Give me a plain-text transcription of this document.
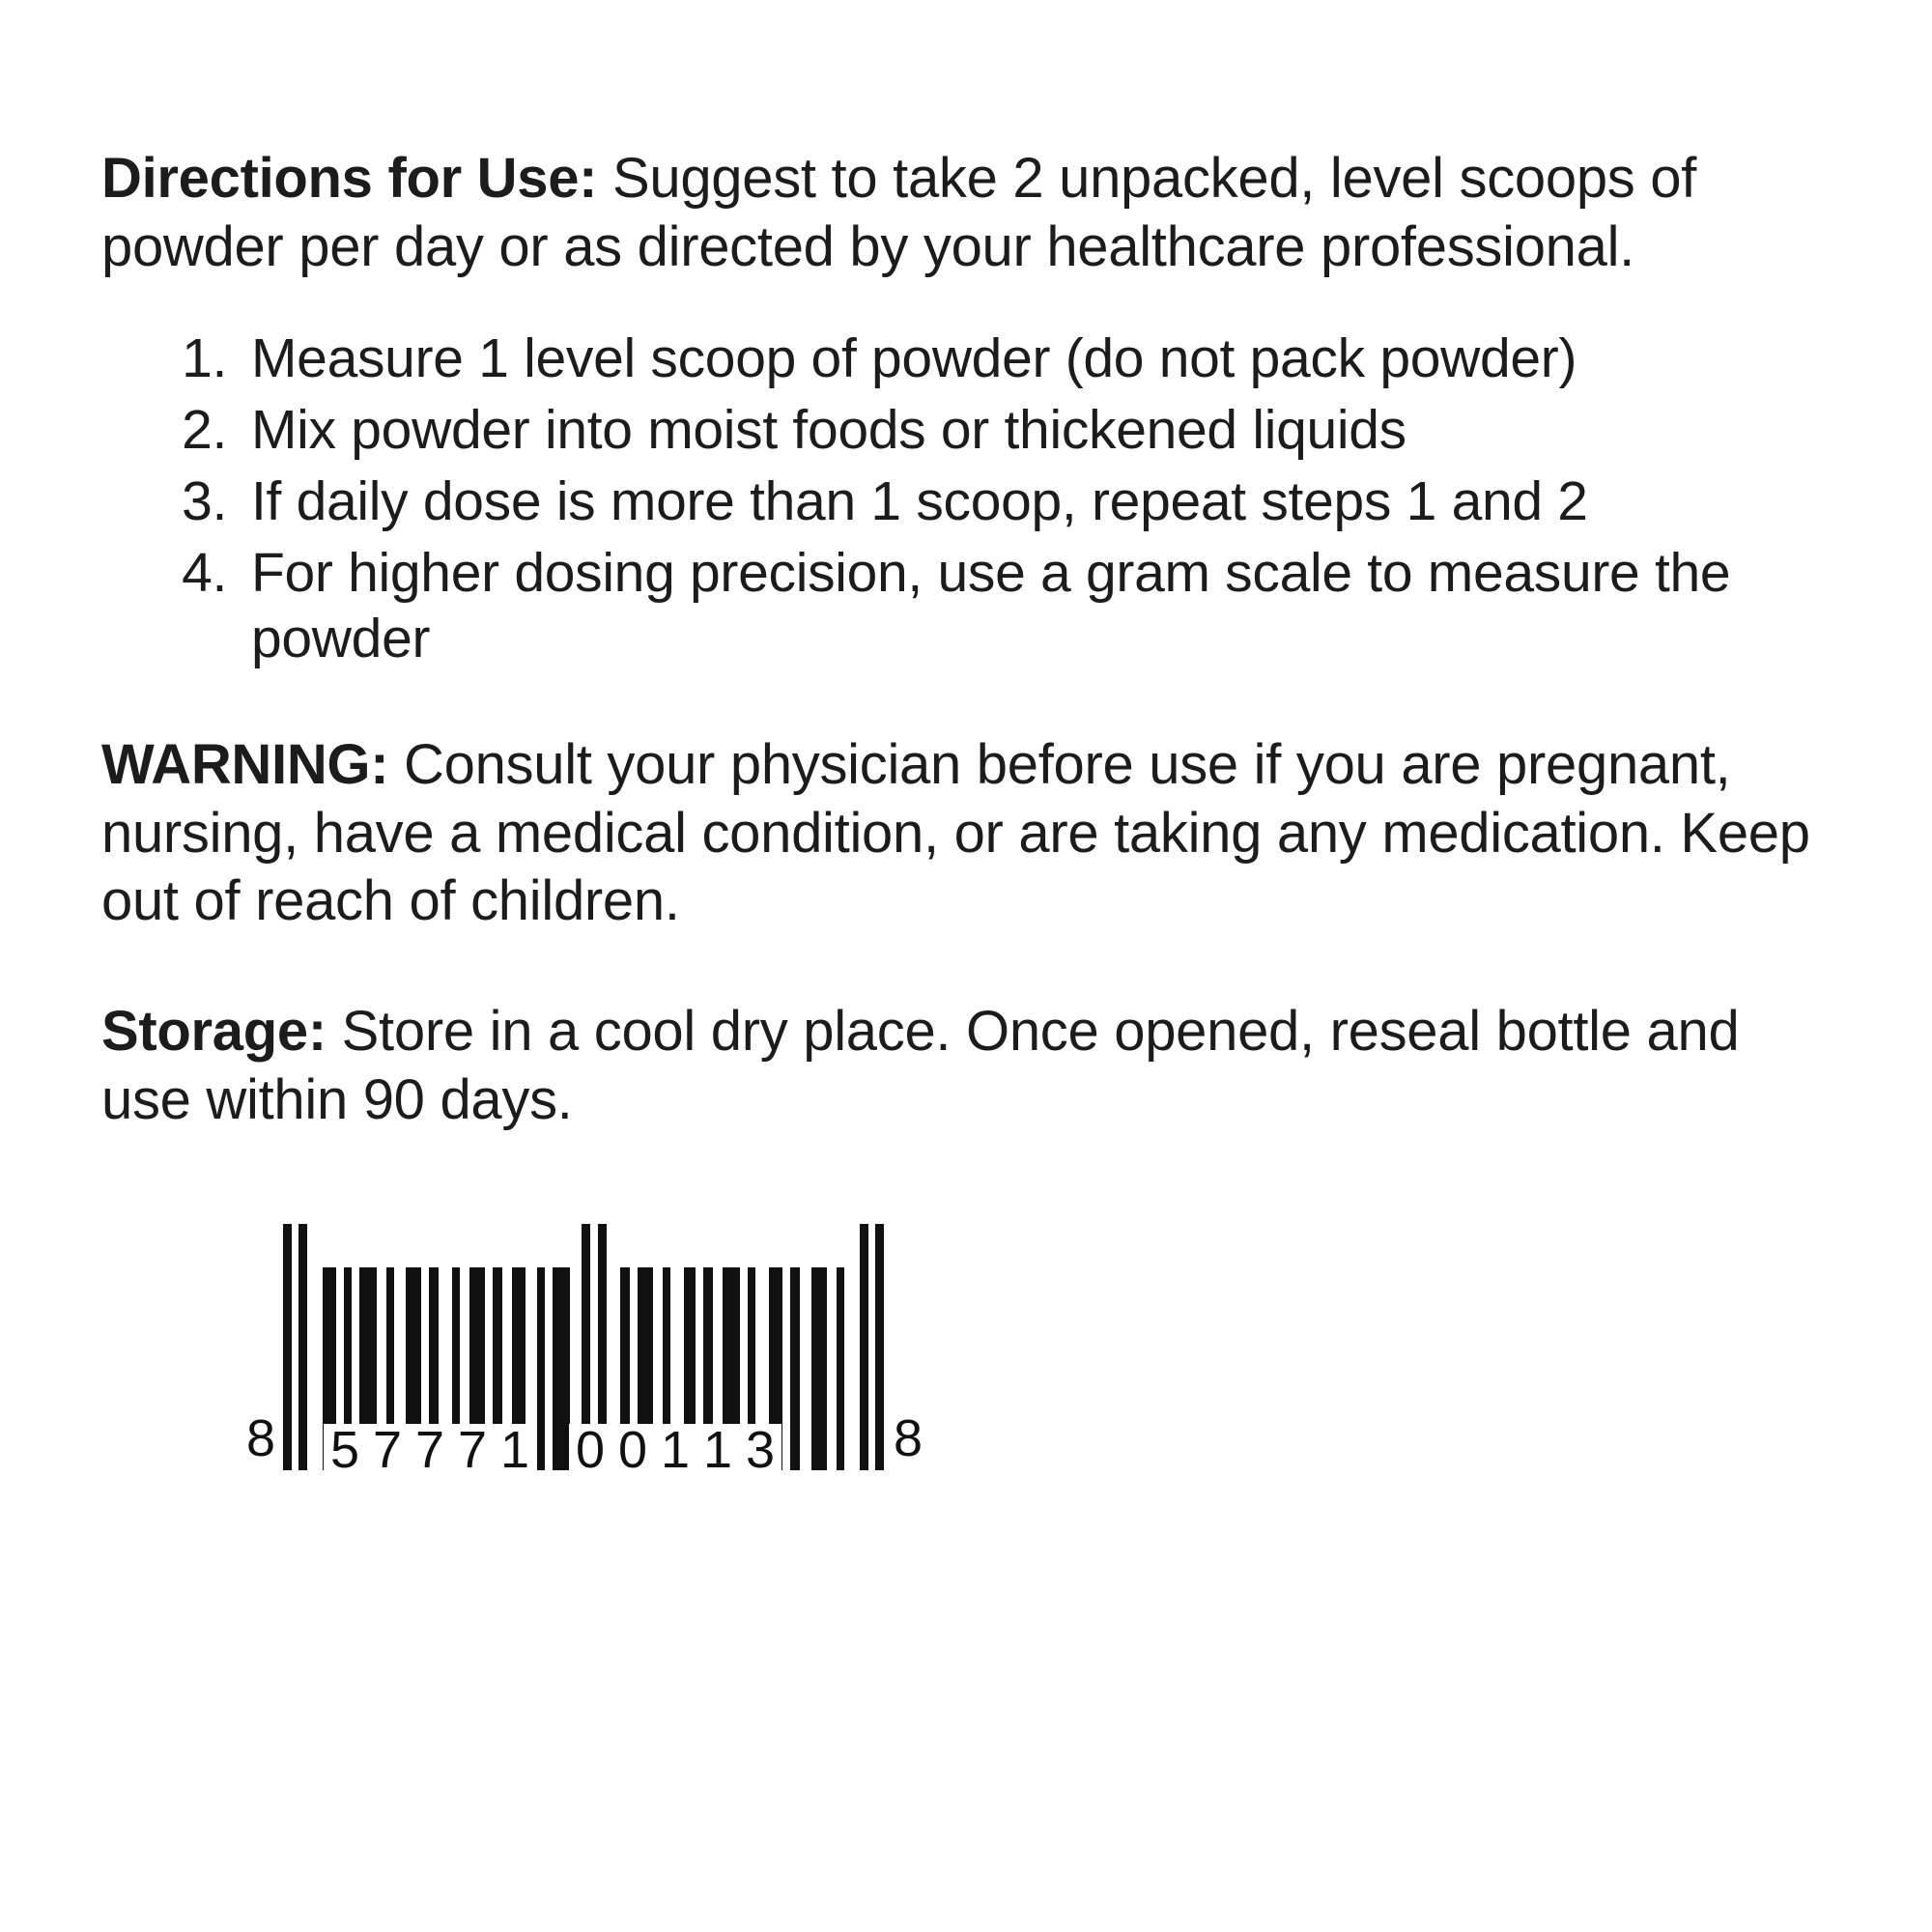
Directions for Use: Suggest to take 2 unpacked, level scoops of powder per day or as directed by your healthcare professional.

1. Measure 1 level scoop of powder (do not pack powder)
2. Mix powder into moist foods or thickened liquids
3. If daily dose is more than 1 scoop, repeat steps 1 and 2
4. For higher dosing precision, use a gram scale to measure the powder

WARNING: Consult your physician before use if you are pregnant, nursing, have a medical condition, or are taking any medication. Keep out of reach of children.

Storage: Store in a cool dry place. Once opened, reseal bottle and use within 90 days.

8 5 7 7 7 1 0 0 1 1 3 8
